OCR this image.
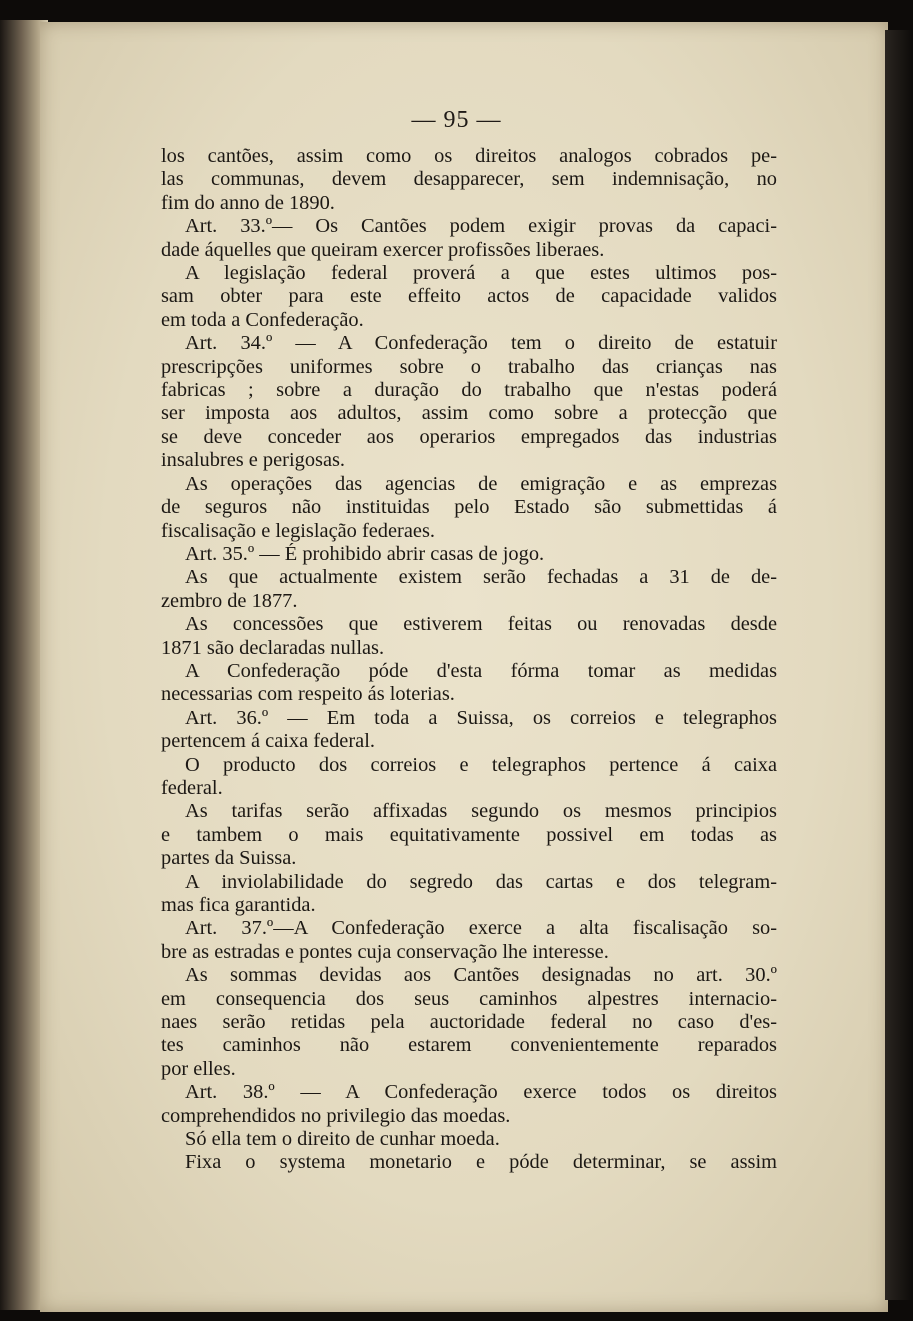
— 95 —
los cantões, assim como os direitos analogos cobrados pe-
las communas, devem desapparecer, sem indemnisação, no
fim do anno de 1890.
Art. 33.º— Os Cantões podem exigir provas da capaci-
dade áquelles que queiram exercer profissões liberaes.
A legislação federal proverá a que estes ultimos pos-
sam obter para este effeito actos de capacidade validos
em toda a Confederação.
Art. 34.º — A Confederação tem o direito de estatuir
prescripções uniformes sobre o trabalho das crianças nas
fabricas ; sobre a duração do trabalho que n'estas poderá
ser imposta aos adultos, assim como sobre a protecção que
se deve conceder aos operarios empregados das industrias
insalubres e perigosas.
As operações das agencias de emigração e as emprezas
de seguros não instituidas pelo Estado são submettidas á
fiscalisação e legislação federaes.
Art. 35.º — É prohibido abrir casas de jogo.
As que actualmente existem serão fechadas a 31 de de-
zembro de 1877.
As concessões que estiverem feitas ou renovadas desde
1871 são declaradas nullas.
A Confederação póde d'esta fórma tomar as medidas
necessarias com respeito ás loterias.
Art. 36.º — Em toda a Suissa, os correios e telegraphos
pertencem á caixa federal.
O producto dos correios e telegraphos pertence á caixa
federal.
As tarifas serão affixadas segundo os mesmos principios
e tambem o mais equitativamente possivel em todas as
partes da Suissa.
A inviolabilidade do segredo das cartas e dos telegram-
mas fica garantida.
Art. 37.º—A Confederação exerce a alta fiscalisação so-
bre as estradas e pontes cuja conservação lhe interesse.
As sommas devidas aos Cantões designadas no art. 30.º
em consequencia dos seus caminhos alpestres internacio-
naes serão retidas pela auctoridade federal no caso d'es-
tes caminhos não estarem convenientemente reparados
por elles.
Art. 38.º — A Confederação exerce todos os direitos
comprehendidos no privilegio das moedas.
Só ella tem o direito de cunhar moeda.
Fixa o systema monetario e póde determinar, se assim
